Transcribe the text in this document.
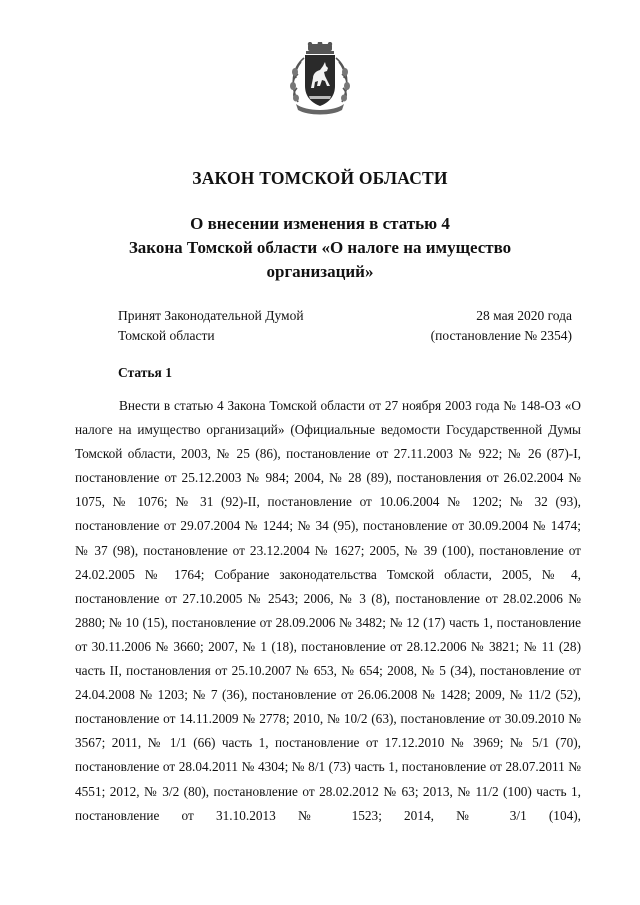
ЗАКОН ТОМСКОЙ ОБЛАСТИ
О внесении изменения в статью 4
Закона Томской области «О налоге на имущество
организаций»
Принят Законодательной Думой
Томской области
28 мая 2020 года
(постановление № 2354)
Статья 1

Внести в статью 4 Закона Томской области от 27 ноября 2003 года № 148-ОЗ «О налоге на имущество организаций» (Официальные ведомости Государственной Думы Томской области, 2003, № 25 (86), постановление от 27.11.2003 № 922; № 26 (87)-I, постановление от 25.12.2003 № 984; 2004, № 28 (89), постановления от 26.02.2004 № 1075, № 1076; № 31 (92)-II, постановление от 10.06.2004 № 1202; № 32 (93), постановление от 29.07.2004 № 1244; № 34 (95), постановление от 30.09.2004 № 1474; № 37 (98), постановление от 23.12.2004 № 1627; 2005, № 39 (100), постановление от 24.02.2005 № 1764; Собрание законодательства Томской области, 2005, № 4, постановление от 27.10.2005 № 2543; 2006, № 3 (8), постановление от 28.02.2006 № 2880; № 10 (15), постановление от 28.09.2006 № 3482; № 12 (17) часть 1, постановление от 30.11.2006 № 3660; 2007, № 1 (18), постановление от 28.12.2006 № 3821; № 11 (28) часть II, постановления от 25.10.2007 № 653, № 654; 2008, № 5 (34), постановление от 24.04.2008 № 1203; № 7 (36), постановление от 26.06.2008 № 1428; 2009, № 11/2 (52), постановление от 14.11.2009 № 2778; 2010, № 10/2 (63), постановление от 30.09.2010 № 3567; 2011, № 1/1 (66) часть 1, постановление от 17.12.2010 № 3969; № 5/1 (70), постановление от 28.04.2011 № 4304; № 8/1 (73) часть 1, постановление от 28.07.2011 № 4551; 2012, № 3/2 (80), постановление от 28.02.2012 № 63; 2013, № 11/2 (100) часть 1, постановление от 31.10.2013 № 1523; 2014, № 3/1 (104),
